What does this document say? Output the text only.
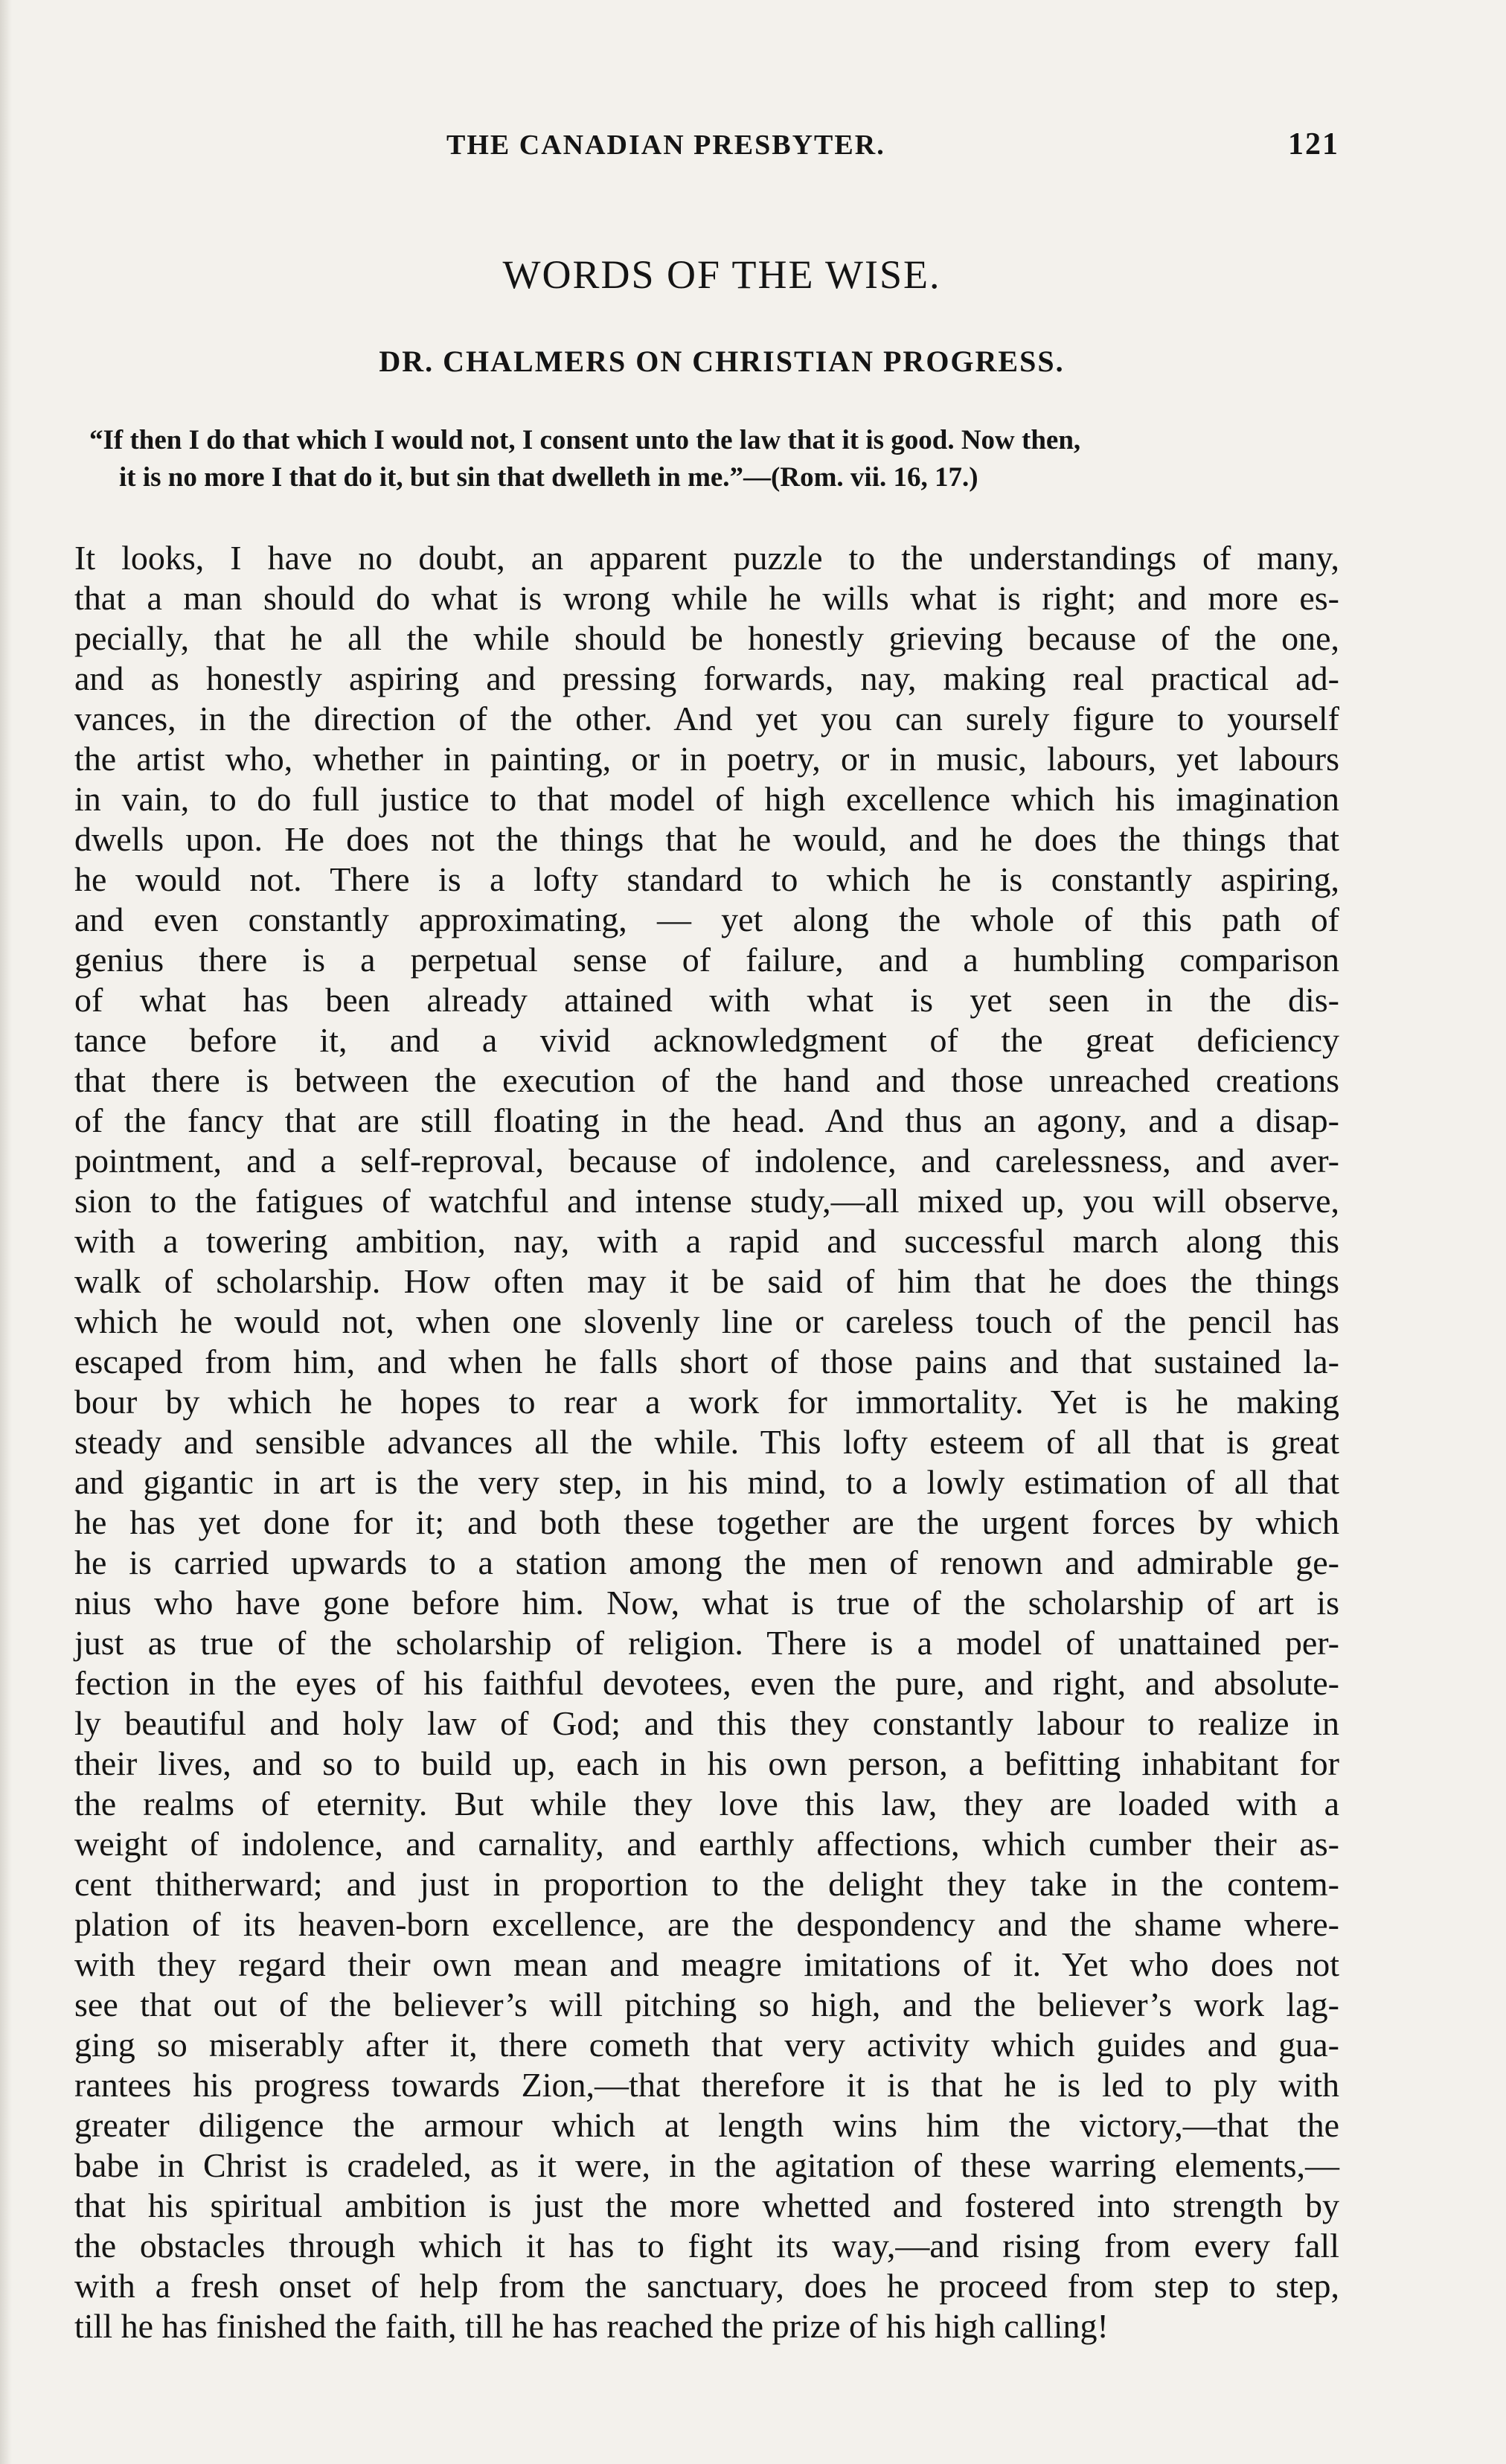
THE CANADIAN PRESBYTER.	121
WORDS OF THE WISE.
DR. CHALMERS ON CHRISTIAN PROGRESS.
“If then I do that which I would not, I consent unto the law that it is good. Now then,
it is no more I that do it, but sin that dwelleth in me.”—(Rom. vii. 16, 17.)
It looks, I have no doubt, an apparent puzzle to the understandings of many,
that a man should do what is wrong while he wills what is right; and more es-
pecially, that he all the while should be honestly grieving because of the one,
and as honestly aspiring and pressing forwards, nay, making real practical ad-
vances, in the direction of the other. And yet you can surely figure to yourself
the artist who, whether in painting, or in poetry, or in music, labours, yet labours
in vain, to do full justice to that model of high excellence which his imagination
dwells upon. He does not the things that he would, and he does the things that
he would not. There is a lofty standard to which he is constantly aspiring,
and even constantly approximating, — yet along the whole of this path of
genius there is a perpetual sense of failure, and a humbling comparison
of what has been already attained with what is yet seen in the dis-
tance before it, and a vivid acknowledgment of the great deficiency
that there is between the execution of the hand and those unreached creations
of the fancy that are still floating in the head. And thus an agony, and a disap-
pointment, and a self-reproval, because of indolence, and carelessness, and aver-
sion to the fatigues of watchful and intense study,—all mixed up, you will observe,
with a towering ambition, nay, with a rapid and successful march along this
walk of scholarship. How often may it be said of him that he does the things
which he would not, when one slovenly line or careless touch of the pencil has
escaped from him, and when he falls short of those pains and that sustained la-
bour by which he hopes to rear a work for immortality. Yet is he making
steady and sensible advances all the while. This lofty esteem of all that is great
and gigantic in art is the very step, in his mind, to a lowly estimation of all that
he has yet done for it; and both these together are the urgent forces by which
he is carried upwards to a station among the men of renown and admirable ge-
nius who have gone before him. Now, what is true of the scholarship of art is
just as true of the scholarship of religion. There is a model of unattained per-
fection in the eyes of his faithful devotees, even the pure, and right, and absolute-
ly beautiful and holy law of God; and this they constantly labour to realize in
their lives, and so to build up, each in his own person, a befitting inhabitant for
the realms of eternity. But while they love this law, they are loaded with a
weight of indolence, and carnality, and earthly affections, which cumber their as-
cent thitherward; and just in proportion to the delight they take in the contem-
plation of its heaven-born excellence, are the despondency and the shame where-
with they regard their own mean and meagre imitations of it. Yet who does not
see that out of the believer’s will pitching so high, and the believer’s work lag-
ging so miserably after it, there cometh that very activity which guides and gua-
rantees his progress towards Zion,—that therefore it is that he is led to ply with
greater diligence the armour which at length wins him the victory,—that the
babe in Christ is cradeled, as it were, in the agitation of these warring elements,—
that his spiritual ambition is just the more whetted and fostered into strength by
the obstacles through which it has to fight its way,—and rising from every fall
with a fresh onset of help from the sanctuary, does he proceed from step to step,
till he has finished the faith, till he has reached the prize of his high calling!
